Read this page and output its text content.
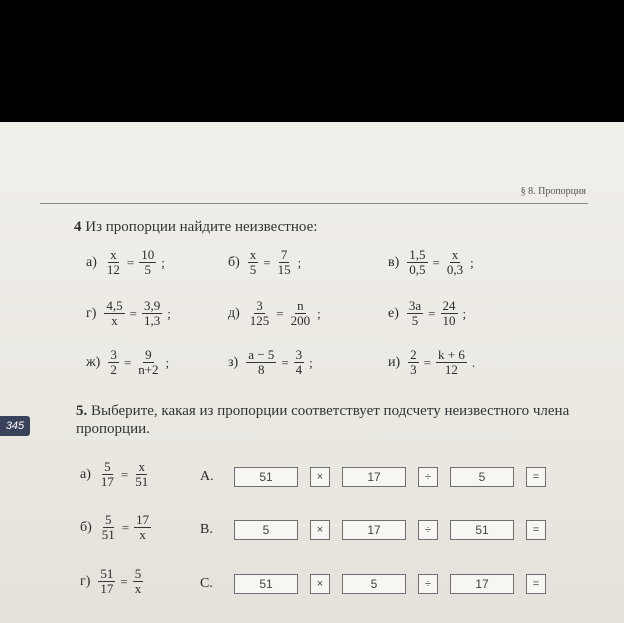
§ 8. Пропорция
4 Из пропорции найдите неизвестное:
$а) \frac{x}{12} = \frac{10}{5}$ ;	$б) \frac{x}{5} = \frac{7}{15}$ ;	$в) \frac{1,5}{0,5} = \frac{x}{0,3}$ ;
$г) \frac{4,5}{x} = \frac{3,9}{1,3}$ ;	$д) \frac{3}{125} = \frac{n}{200}$ ;	$е) \frac{3a}{5} = \frac{24}{10}$ ;
$ж) \frac{3}{2} = \frac{9}{n+2}$ ;	$з) \frac{a - 5}{8} = \frac{3}{4}$ ;	$и) \frac{2}{3} = \frac{k + 6}{12}$ .
345
5. Выберите, какая из пропорции соответствует подсчету неизвестного члена пропорции.
$а) \frac{5}{17} = \frac{x}{51}$	A.	51	×	17	÷	5	=
$б) \frac{5}{51} = \frac{17}{x}$	B.	5	×	17	÷	51	=
$г) \frac{51}{17} = \frac{5}{x}$	C.	51	×	5	÷	17	=
